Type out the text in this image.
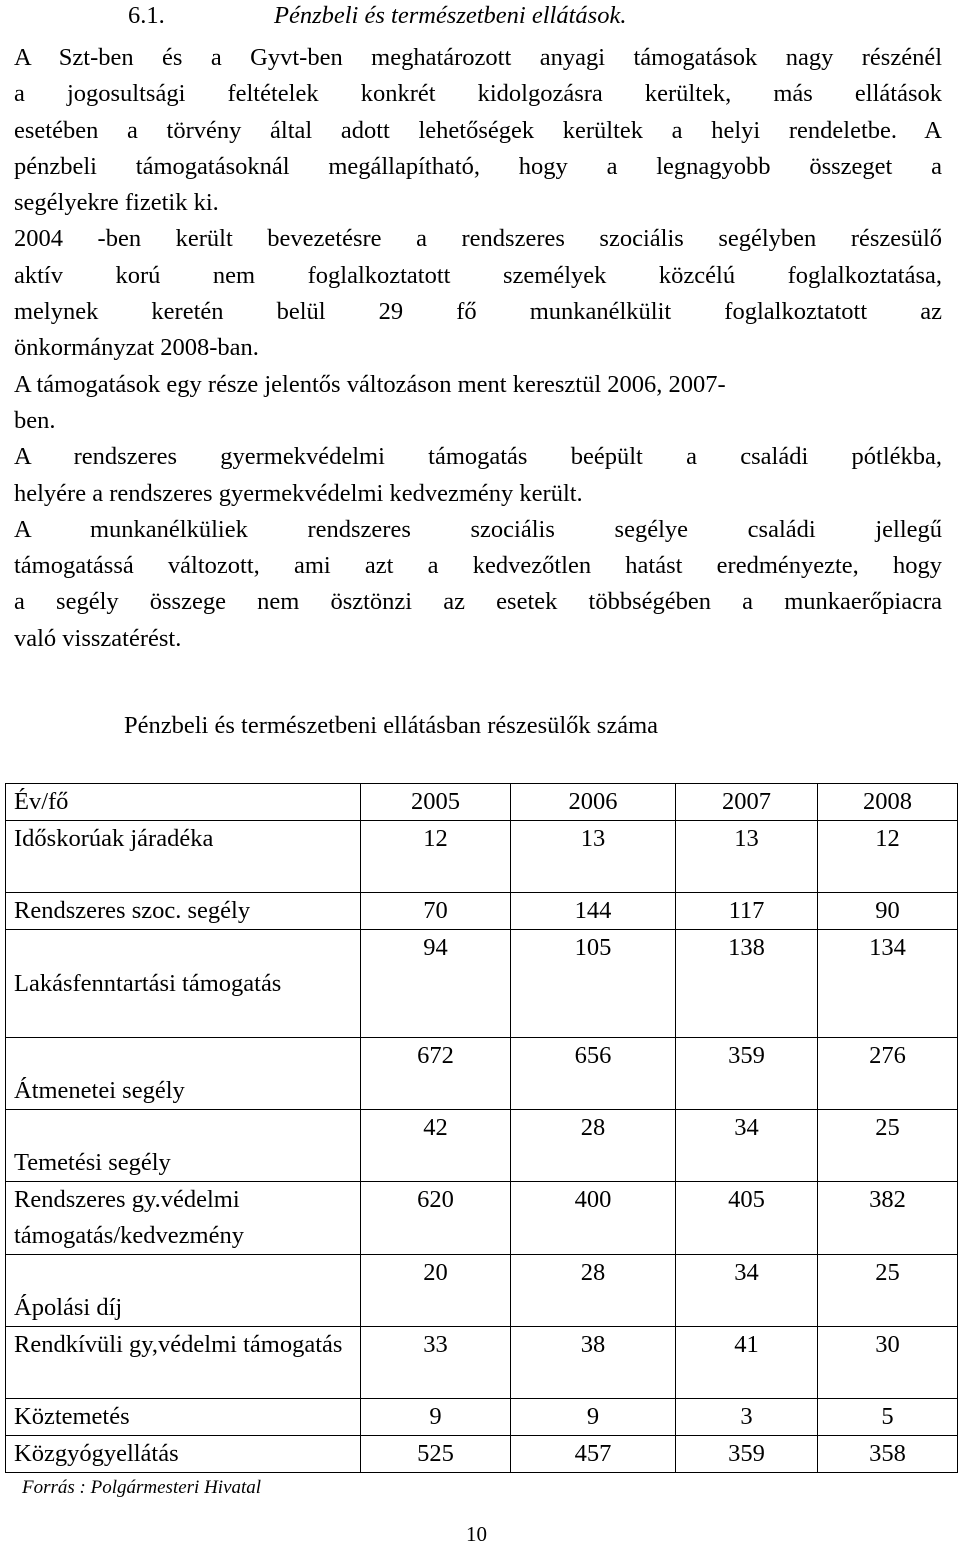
6.1.	Pénzbeli és természetbeni ellátások.
A Szt-ben és a Gyvt-ben meghatározott anyagi támogatások nagy részénél
a jogosultsági feltételek konkrét kidolgozásra kerültek, más ellátások
esetében a törvény által adott lehetőségek kerültek a helyi rendeletbe. A
pénzbeli támogatásoknál megállapítható, hogy a legnagyobb összeget a
segélyekre fizetik ki.
2004 -ben került bevezetésre a rendszeres szociális segélyben részesülő
aktív korú nem foglalkoztatott személyek közcélú foglalkoztatása,
melynek keretén belül 29 fő munkanélkülit foglalkoztatott az
önkormányzat 2008-ban.
A támogatások egy része jelentős változáson ment keresztül 2006, 2007-
ben.
A rendszeres gyermekvédelmi támogatás beépült a családi pótlékba,
helyére a rendszeres gyermekvédelmi kedvezmény került.
A munkanélküliek rendszeres szociális segélye családi jellegű
támogatássá változott, ami azt a kedvezőtlen hatást eredményezte, hogy
a segély összege nem ösztönzi az esetek többségében a munkaerőpiacra
való visszatérést.
Pénzbeli és természetbeni ellátásban részesülők száma
Év/fő	2005	2006	2007	2008
Időskorúak járadéka	12	13	13	12
Rendszeres szoc. segély	70	144	117	90
Lakásfenntartási támogatás	94	105	138	134
Átmenetei segély	672	656	359	276
Temetési segély	42	28	34	25
Rendszeres gy.védelmi támogatás/kedvezmény	620	400	405	382
Ápolási díj	20	28	34	25
Rendkívüli gy,védelmi támogatás	33	38	41	30
Köztemetés	9	9	3	5
Közgyógyellátás	525	457	359	358
Forrás : Polgármesteri Hivatal
10
